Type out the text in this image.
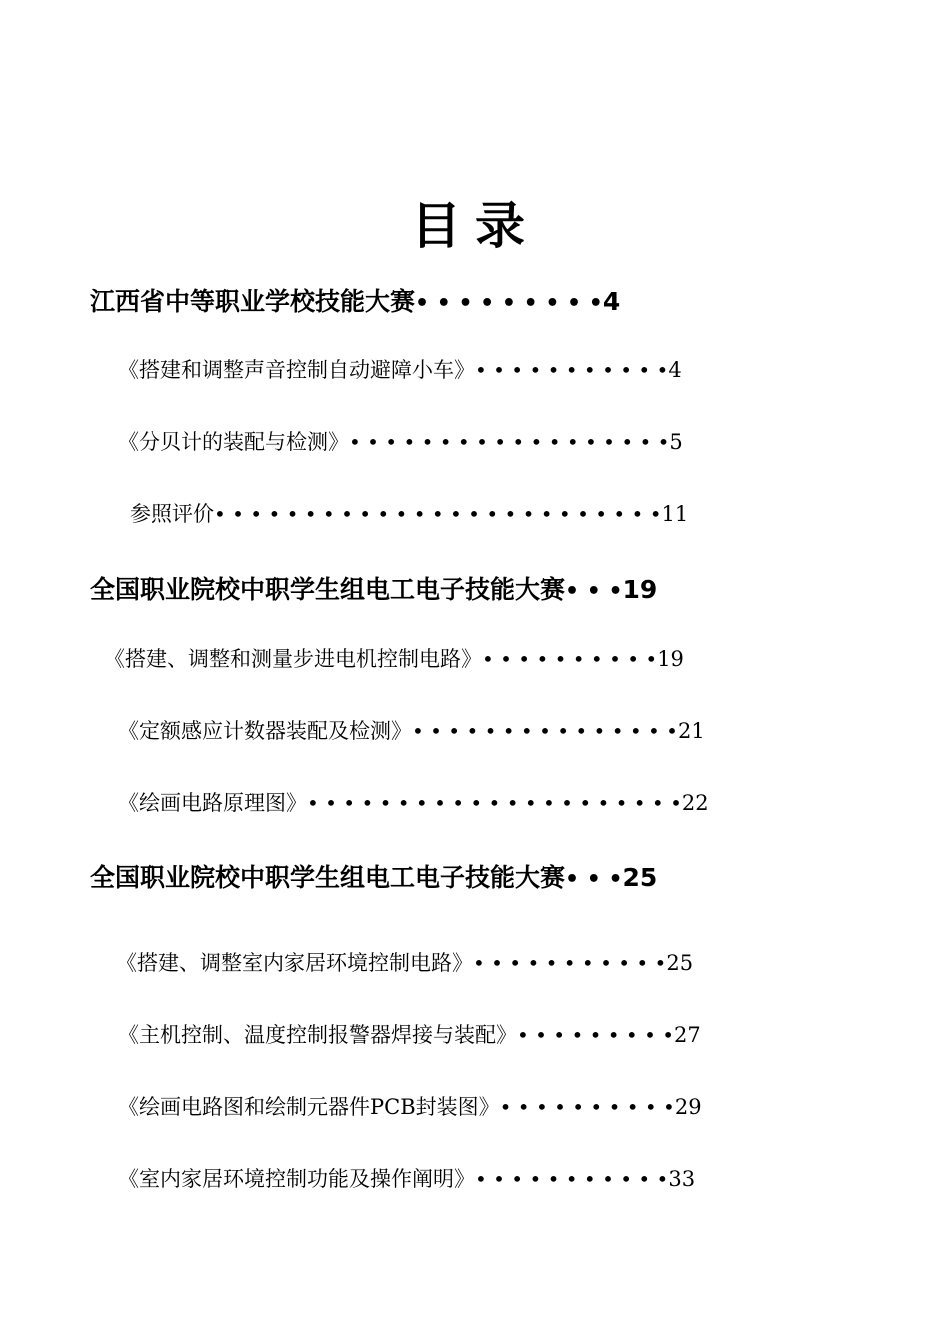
目录
江西省中等职业学校技能大赛• • • • • • • • •4
《搭建和调整声音控制自动避障小车》• • • • • • • • • • •4
《分贝计的装配与检测》• • • • • • • • • • • • • • • • • •5
参照评价• • • • • • • • • • • • • • • • • • • • • • • • •11
全国职业院校中职学生组电工电子技能大赛• • •19
《搭建、调整和测量步进电机控制电路》• • • • • • • • • •19
《定额感应计数器装配及检测》• • • • • • • • • • • • • • •21
《绘画电路原理图》• • • • • • • • • • • • • • • • • • • • •22
全国职业院校中职学生组电工电子技能大赛• • •25
《搭建、调整室内家居环境控制电路》• • • • • • • • • • •25
《主机控制、温度控制报警器焊接与装配》• • • • • • • • •27
《绘画电路图和绘制元器件PCB封装图》• • • • • • • • • •29
《室内家居环境控制功能及操作阐明》• • • • • • • • • • •33
